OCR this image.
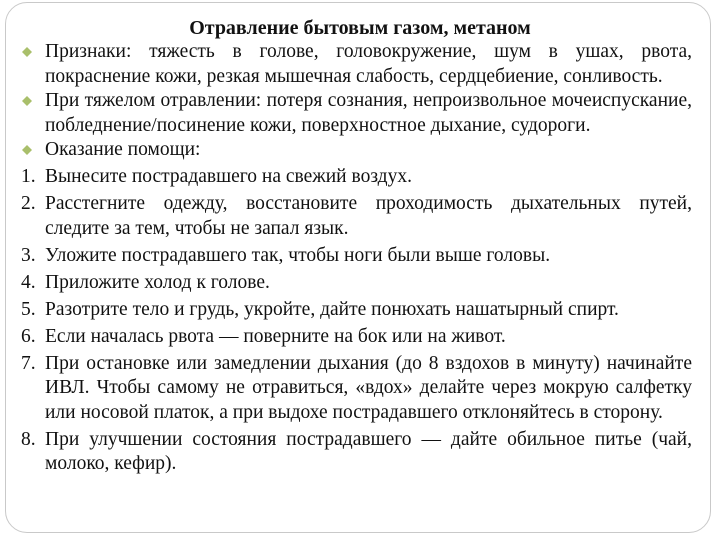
Отравление бытовым газом, метаном

Признаки: тяжесть в голове, головокружение, шум в ушах, рвота, покраснение кожи, резкая мышечная слабость, сердцебиение, сонливость.

При тяжелом отравлении: потеря сознания, непроизвольное мочеиспускание, побледнение/посинение кожи, поверхностное дыхание, судороги.

Оказание помощи:

1. Вынесите пострадавшего на свежий воздух.

2. Расстегните одежду, восстановите проходимость дыхательных путей, следите за тем, чтобы не запал язык.

3. Уложите пострадавшего так, чтобы ноги были выше головы.

4. Приложите холод к голове.

5. Разотрите тело и грудь, укройте, дайте понюхать нашатырный спирт.

6. Если началась рвота — поверните на бок или на живот.

7. При остановке или замедлении дыхания (до 8 вздохов в минуту) начинайте ИВЛ. Чтобы самому не отравиться, «вдох» делайте через мокрую салфетку или носовой платок, а при выдохе пострадавшего отклоняйтесь в сторону.

8. При улучшении состояния пострадавшего — дайте обильное питье (чай, молоко, кефир).
